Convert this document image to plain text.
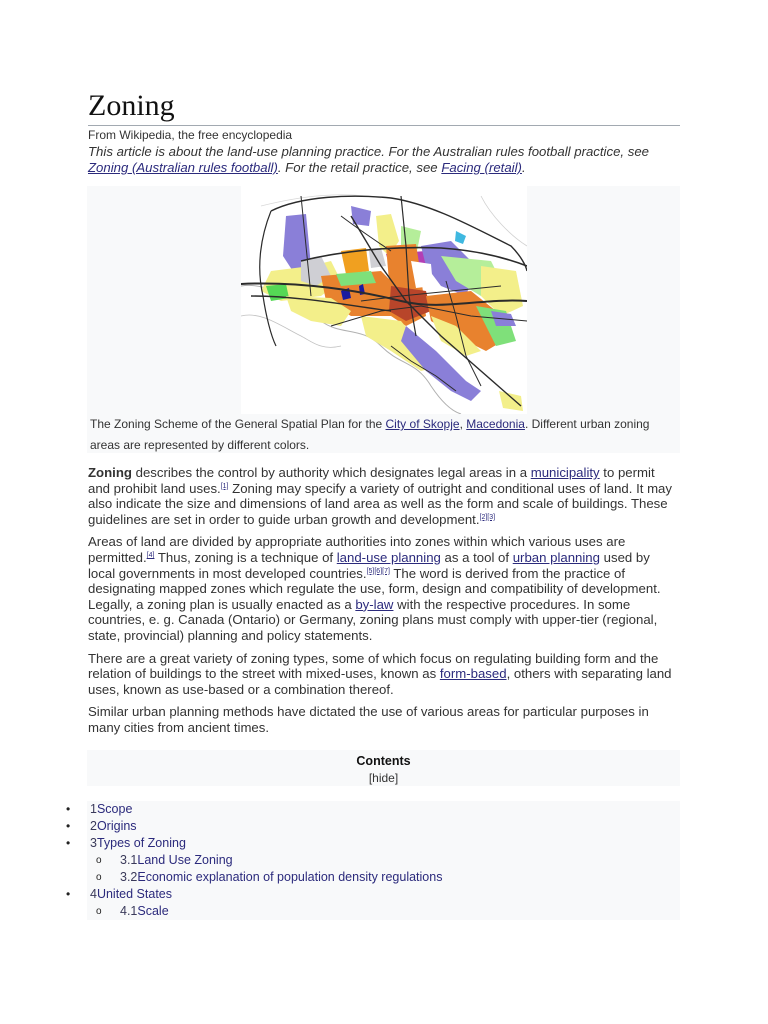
Zoning
From Wikipedia, the free encyclopedia
This article is about the land-use planning practice. For the Australian rules football practice, see Zoning (Australian rules football). For the retail practice, see Facing (retail).
The Zoning Scheme of the General Spatial Plan for the City of Skopje, Macedonia. Different urban zoning areas are represented by different colors.

Zoning describes the control by authority which designates legal areas in a municipality to permit and prohibit land uses.[1] Zoning may specify a variety of outright and conditional uses of land. It may also indicate the size and dimensions of land area as well as the form and scale of buildings. These guidelines are set in order to guide urban growth and development.[2][3]

Areas of land are divided by appropriate authorities into zones within which various uses are permitted.[4] Thus, zoning is a technique of land-use planning as a tool of urban planning used by local governments in most developed countries.[5][6][7] The word is derived from the practice of designating mapped zones which regulate the use, form, design and compatibility of development. Legally, a zoning plan is usually enacted as a by-law with the respective procedures. In some countries, e. g. Canada (Ontario) or Germany, zoning plans must comply with upper-tier (regional, state, provincial) planning and policy statements.

There are a great variety of zoning types, some of which focus on regulating building form and the relation of buildings to the street with mixed-uses, known as form-based, others with separating land uses, known as use-based or a combination thereof.

Similar urban planning methods have dictated the use of various areas for particular purposes in many cities from ancient times.

Contents
[hide]
• 1Scope
• 2Origins
• 3Types of Zoning
o 3.1Land Use Zoning
o 3.2Economic explanation of population density regulations
• 4United States
o 4.1Scale
